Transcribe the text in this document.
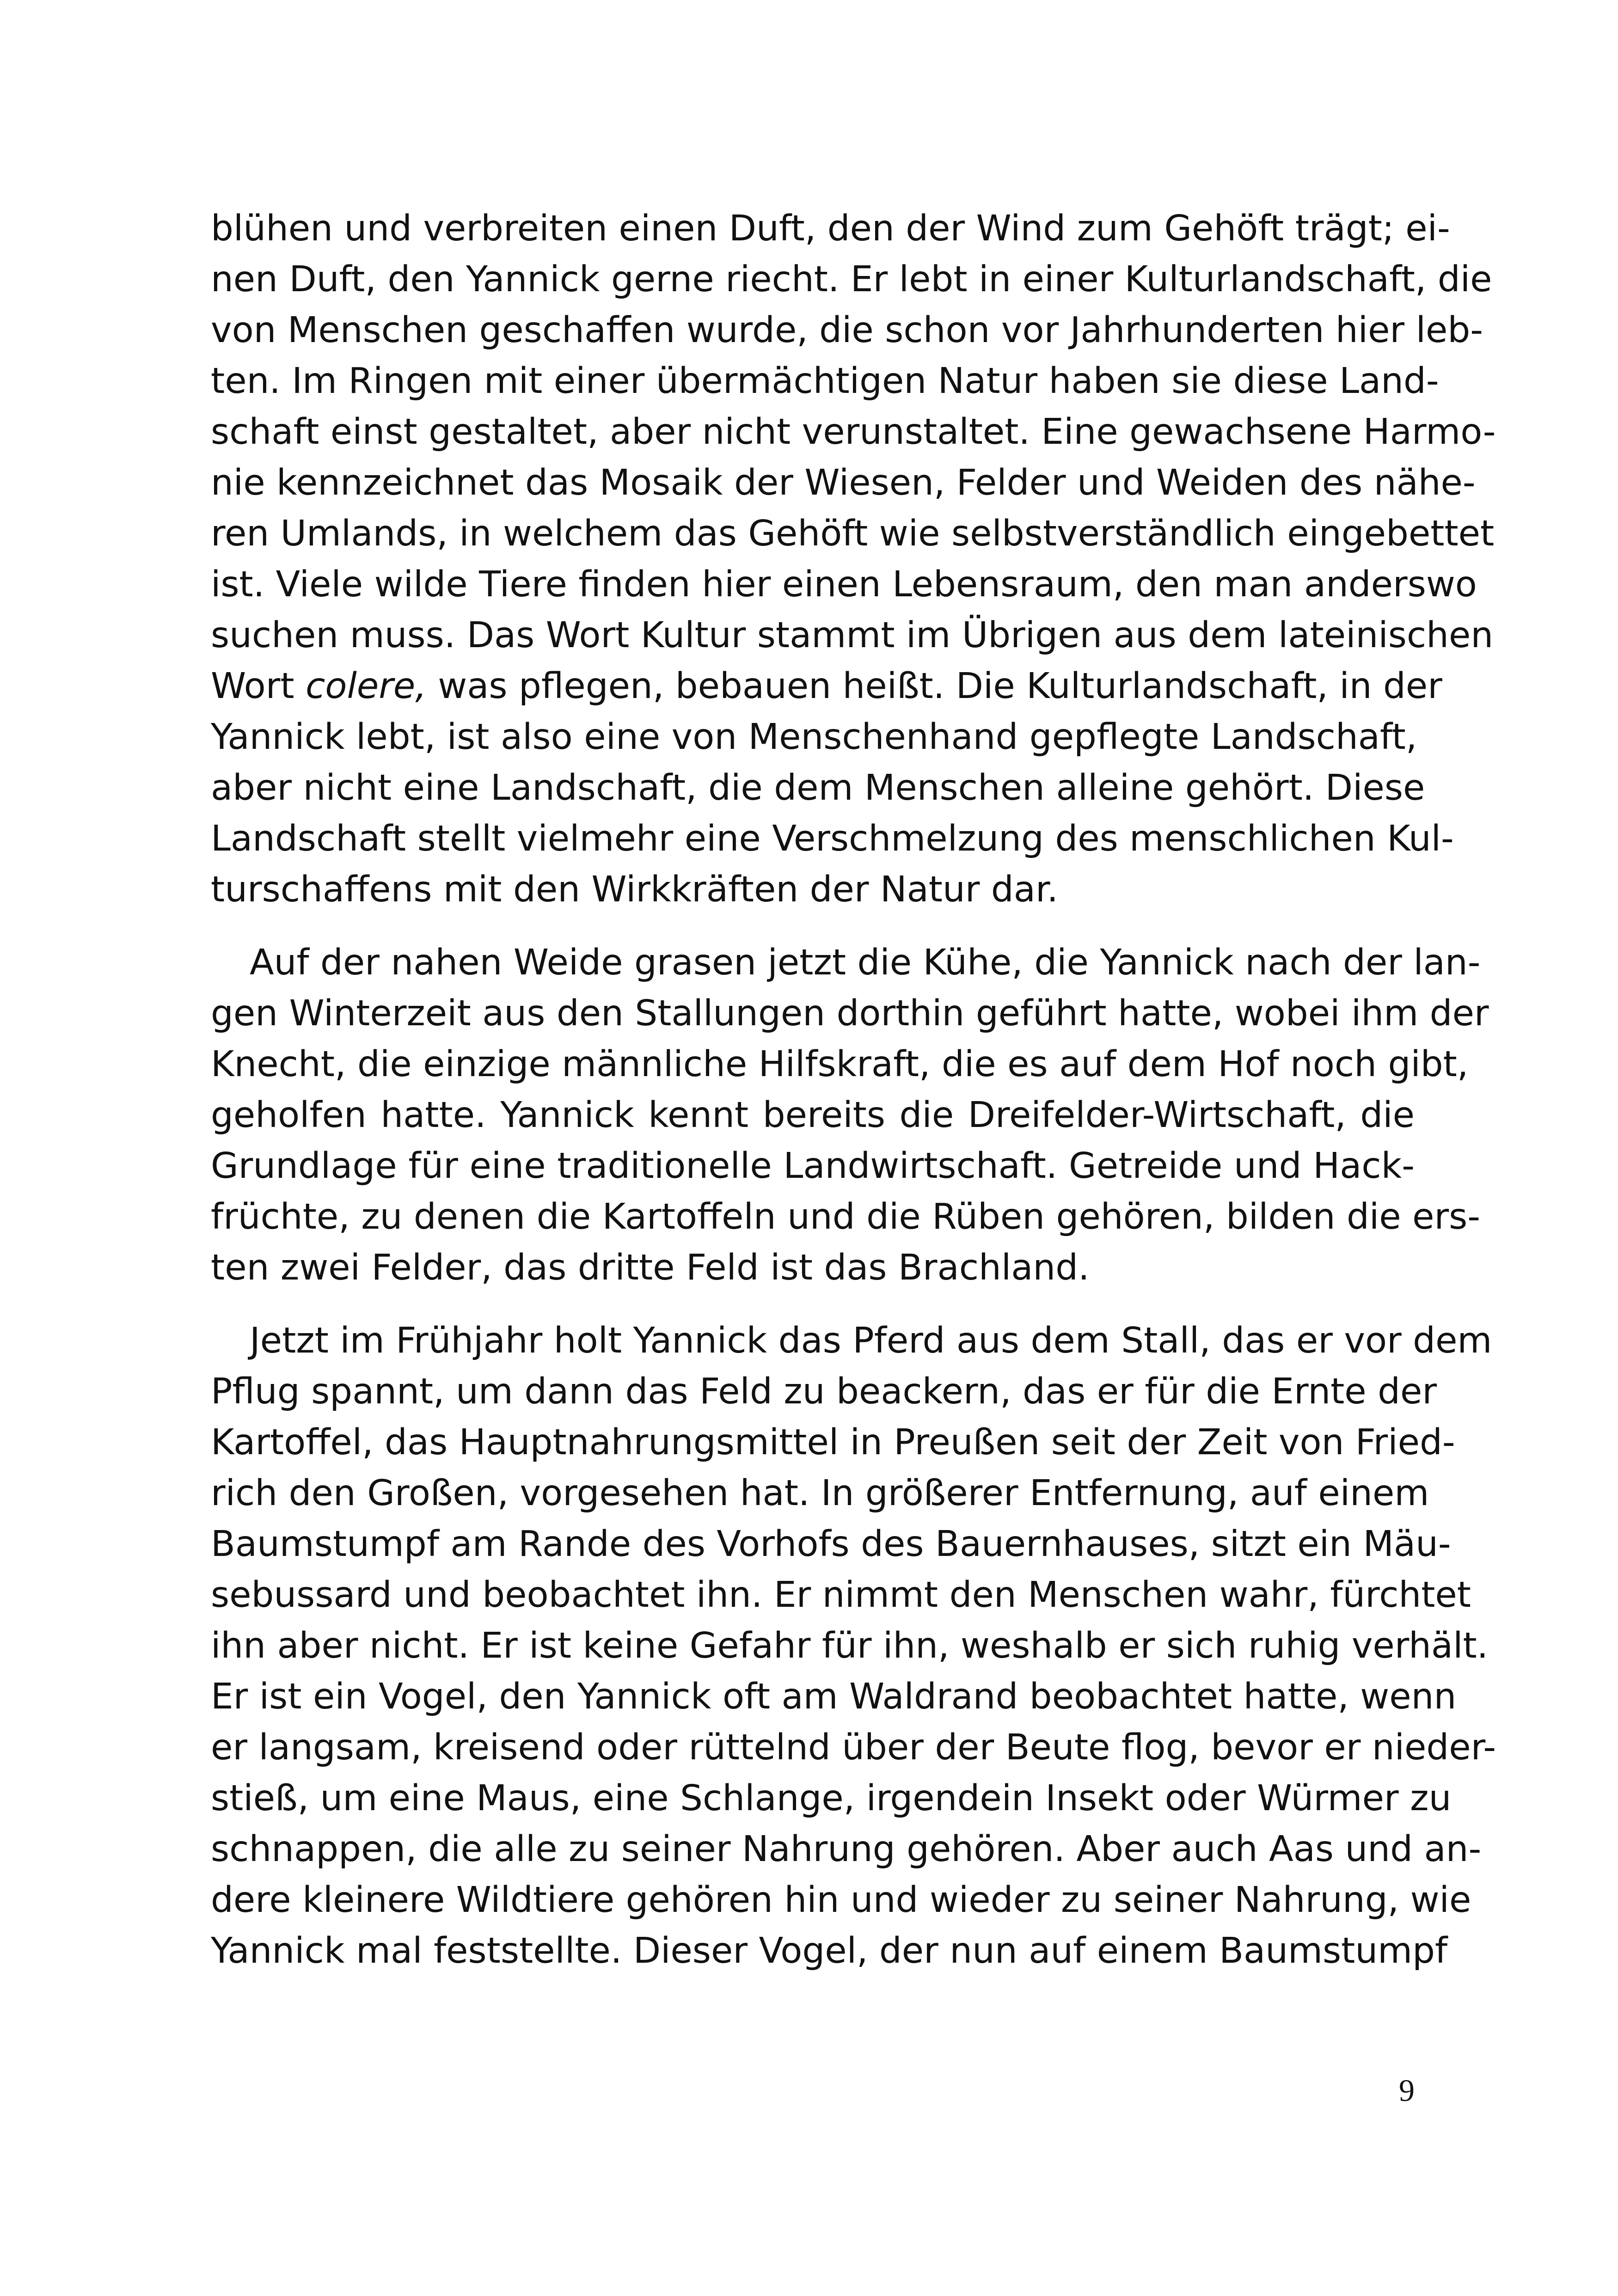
blühen und verbreiten einen Duft, den der Wind zum Gehöft trägt; ei-
nen Duft, den Yannick gerne riecht. Er lebt in einer Kulturlandschaft, die
von Menschen geschaffen wurde, die schon vor Jahrhunderten hier leb-
ten. Im Ringen mit einer übermächtigen Natur haben sie diese Land-
schaft einst gestaltet, aber nicht verunstaltet. Eine gewachsene Harmo-
nie kennzeichnet das Mosaik der Wiesen, Felder und Weiden des nähe-
ren Umlands, in welchem das Gehöft wie selbstverständlich eingebettet
ist. Viele wilde Tiere finden hier einen Lebensraum, den man anderswo
suchen muss. Das Wort Kultur stammt im Übrigen aus dem lateinischen
Wort colere, was pflegen, bebauen heißt. Die Kulturlandschaft, in der
Yannick lebt, ist also eine von Menschenhand gepflegte Landschaft,
aber nicht eine Landschaft, die dem Menschen alleine gehört. Diese
Landschaft stellt vielmehr eine Verschmelzung des menschlichen Kul-
turschaffens mit den Wirkkräften der Natur dar.
Auf der nahen Weide grasen jetzt die Kühe, die Yannick nach der lan-
gen Winterzeit aus den Stallungen dorthin geführt hatte, wobei ihm der
Knecht, die einzige männliche Hilfskraft, die es auf dem Hof noch gibt,
geholfen hatte. Yannick kennt bereits die Dreifelder-Wirtschaft, die
Grundlage für eine traditionelle Landwirtschaft. Getreide und Hack-
früchte, zu denen die Kartoffeln und die Rüben gehören, bilden die ers-
ten zwei Felder, das dritte Feld ist das Brachland.
Jetzt im Frühjahr holt Yannick das Pferd aus dem Stall, das er vor dem
Pflug spannt, um dann das Feld zu beackern, das er für die Ernte der
Kartoffel, das Hauptnahrungsmittel in Preußen seit der Zeit von Fried-
rich den Großen, vorgesehen hat. In größerer Entfernung, auf einem
Baumstumpf am Rande des Vorhofs des Bauernhauses, sitzt ein Mäu-
sebussard und beobachtet ihn. Er nimmt den Menschen wahr, fürchtet
ihn aber nicht. Er ist keine Gefahr für ihn, weshalb er sich ruhig verhält.
Er ist ein Vogel, den Yannick oft am Waldrand beobachtet hatte, wenn
er langsam, kreisend oder rüttelnd über der Beute flog, bevor er nieder-
stieß, um eine Maus, eine Schlange, irgendein Insekt oder Würmer zu
schnappen, die alle zu seiner Nahrung gehören. Aber auch Aas und an-
dere kleinere Wildtiere gehören hin und wieder zu seiner Nahrung, wie
Yannick mal feststellte. Dieser Vogel, der nun auf einem Baumstumpf
9
